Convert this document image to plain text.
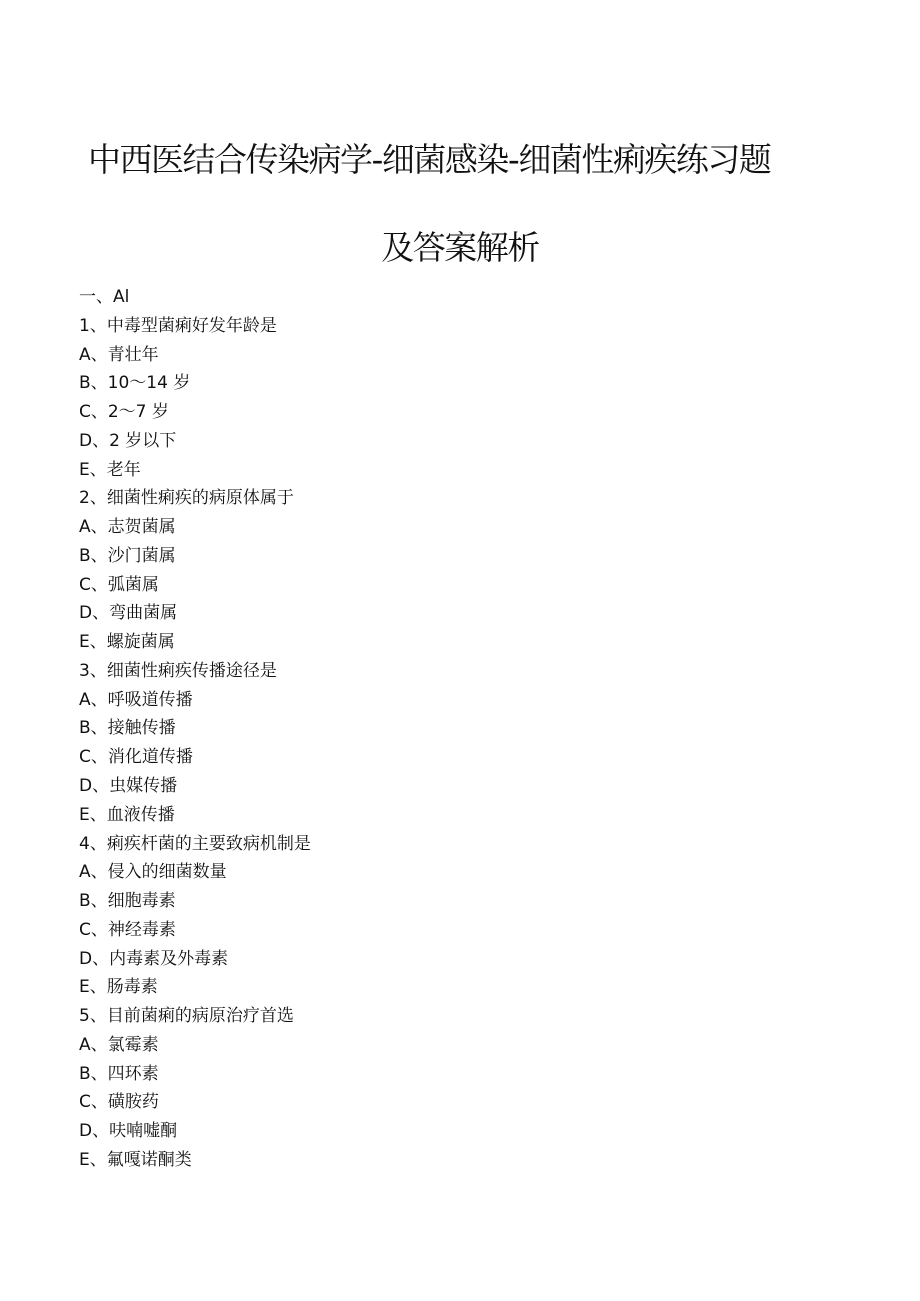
中西医结合传染病学-细菌感染-细菌性痢疾练习题
及答案解析
一、Al
1、中毒型菌痢好发年龄是
A、青壮年
B、10～14 岁
C、2～7 岁
D、2 岁以下
E、老年
2、细菌性痢疾的病原体属于
A、志贺菌属
B、沙门菌属
C、弧菌属
D、弯曲菌属
E、螺旋菌属
3、细菌性痢疾传播途径是
A、呼吸道传播
B、接触传播
C、消化道传播
D、虫媒传播
E、血液传播
4、痢疾杆菌的主要致病机制是
A、侵入的细菌数量
B、细胞毒素
C、神经毒素
D、内毒素及外毒素
E、肠毒素
5、目前菌痢的病原治疗首选
A、氯霉素
B、四环素
C、磺胺药
D、呋喃嘘酮
E、氟嘎诺酮类
